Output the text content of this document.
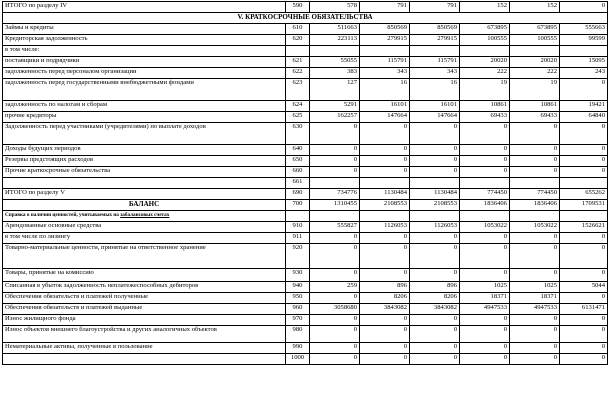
ИТОГО по разделу IV	590	578	791	791	152	152	0
V. КРАТКОСРОЧНЫЕ ОБЯЗАТЕЛЬСТВА							
Займы и кредиты	610	511663	850569	850569	673895	673895	555663
Кредиторская задолженность	620	223113	279915	279915	100555	100555	99599
в том числе:							
поставщики и подрядчики	621	55055	115791	115791	20020	20020	15095
задолженность перед персоналом организации	622	383	343	343	222	222	243
задолженность перед государственными внебюджетными фондами	623	127	16	16	19	19	0
задолженность по налогам и сборам	624	5291	16101	16101	10861	10861	19421
прочие кредиторы	625	162257	147664	147664	69433	69433	64840
Задолженность перед участниками (учредителями) по выплате доходов	630	0	0	0	0	0	0
Доходы будущих периодов	640	0	0	0	0	0	0
Резервы предстоящих расходов	650	0	0	0	0	0	0
Прочие краткосрочные обязательства	660	0	0	0	0	0	0
	661						
ИТОГО по разделу V	690	734776	1130484	1130484	774450	774450	655262
БАЛАНС	700	1310455	2108553	2108553	1836406	1836406	1709531
Справка о наличии ценностей, учитываемых на забалансовых счетах							
Арендованные основные средства	910	555827	1126053	1126053	1053022	1053022	1526621
в том числе по лизингу	911	0	0	0	0	0	0
Товарно-материальные ценности, принятые на ответственное хранение	920	0	0	0	0	0	0
Товары, принятые на комиссию	930	0	0	0	0	0	0
Списанная в убыток задолженность неплатежеспособных дебиторов	940	259	896	896	1025	1025	5044
Обеспечения обязательств и платежей полученные	950	0	8206	8206	18371	18371	0
Обеспечения обязательств и платежей выданные	960	3058680	3843082	3843082	4947533	4947533	6131471
Износ жилищного фонда	970	0	0	0	0	0	0
Износ объектов внешнего благоустройства и других аналогичных объектов	980	0	0	0	0	0	0
Нематериальные активы, полученные в пользование	990	0	0	0	0	0	0
	1000	0	0	0	0	0	0
